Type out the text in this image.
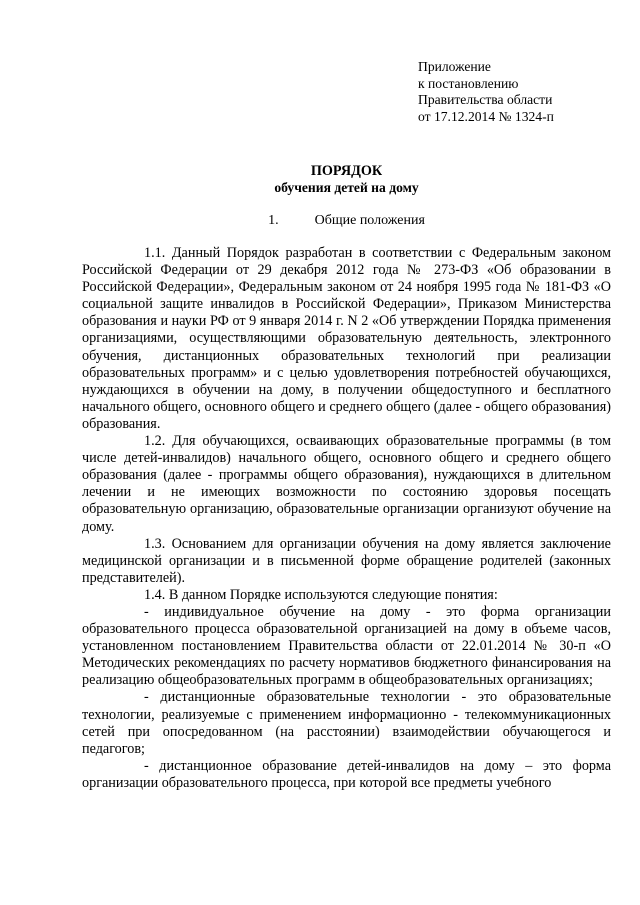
Приложение
к постановлению
Правительства области
от 17.12.2014 № 1324-п
ПОРЯДОК
обучения детей на дому
1.	Общие положения

1.1. Данный Порядок разработан в соответствии с Федеральным законом Российской Федерации от 29 декабря 2012 года № 273-ФЗ «Об образовании в Российской Федерации», Федеральным законом от 24 ноября 1995 года № 181-ФЗ «О социальной защите инвалидов в Российской Федерации», Приказом Министерства образования и науки РФ от 9 января 2014 г. N 2 «Об утверждении Порядка применения организациями, осуществляющими образовательную деятельность, электронного обучения, дистанционных образовательных технологий при реализации образовательных программ» и с целью удовлетворения потребностей обучающихся, нуждающихся в обучении на дому, в получении общедоступного и бесплатного начального общего, основного общего и среднего общего (далее - общего образования) образования.

1.2. Для обучающихся, осваивающих образовательные программы (в том числе детей-инвалидов) начального общего, основного общего и среднего общего образования (далее - программы общего образования), нуждающихся в длительном лечении и не имеющих возможности по состоянию здоровья посещать образовательную организацию, образовательные организации организуют обучение на дому.

1.3. Основанием для организации обучения на дому является заключение медицинской организации и в письменной форме обращение родителей (законных представителей).

1.4. В данном Порядке используются следующие понятия:

- индивидуальное обучение на дому - это форма организации образовательного процесса образовательной организацией на дому в объеме часов, установленном постановлением Правительства области от 22.01.2014 № 30-п «О Методических рекомендациях по расчету нормативов бюджетного финансирования на реализацию общеобразовательных программ в общеобразовательных организациях;

- дистанционные образовательные технологии - это образовательные технологии, реализуемые с применением информационно - телекоммуникационных сетей при опосредованном (на расстоянии) взаимодействии обучающегося и педагогов;

- дистанционное образование детей-инвалидов на дому – это форма организации образовательного процесса, при которой все предметы учебного
